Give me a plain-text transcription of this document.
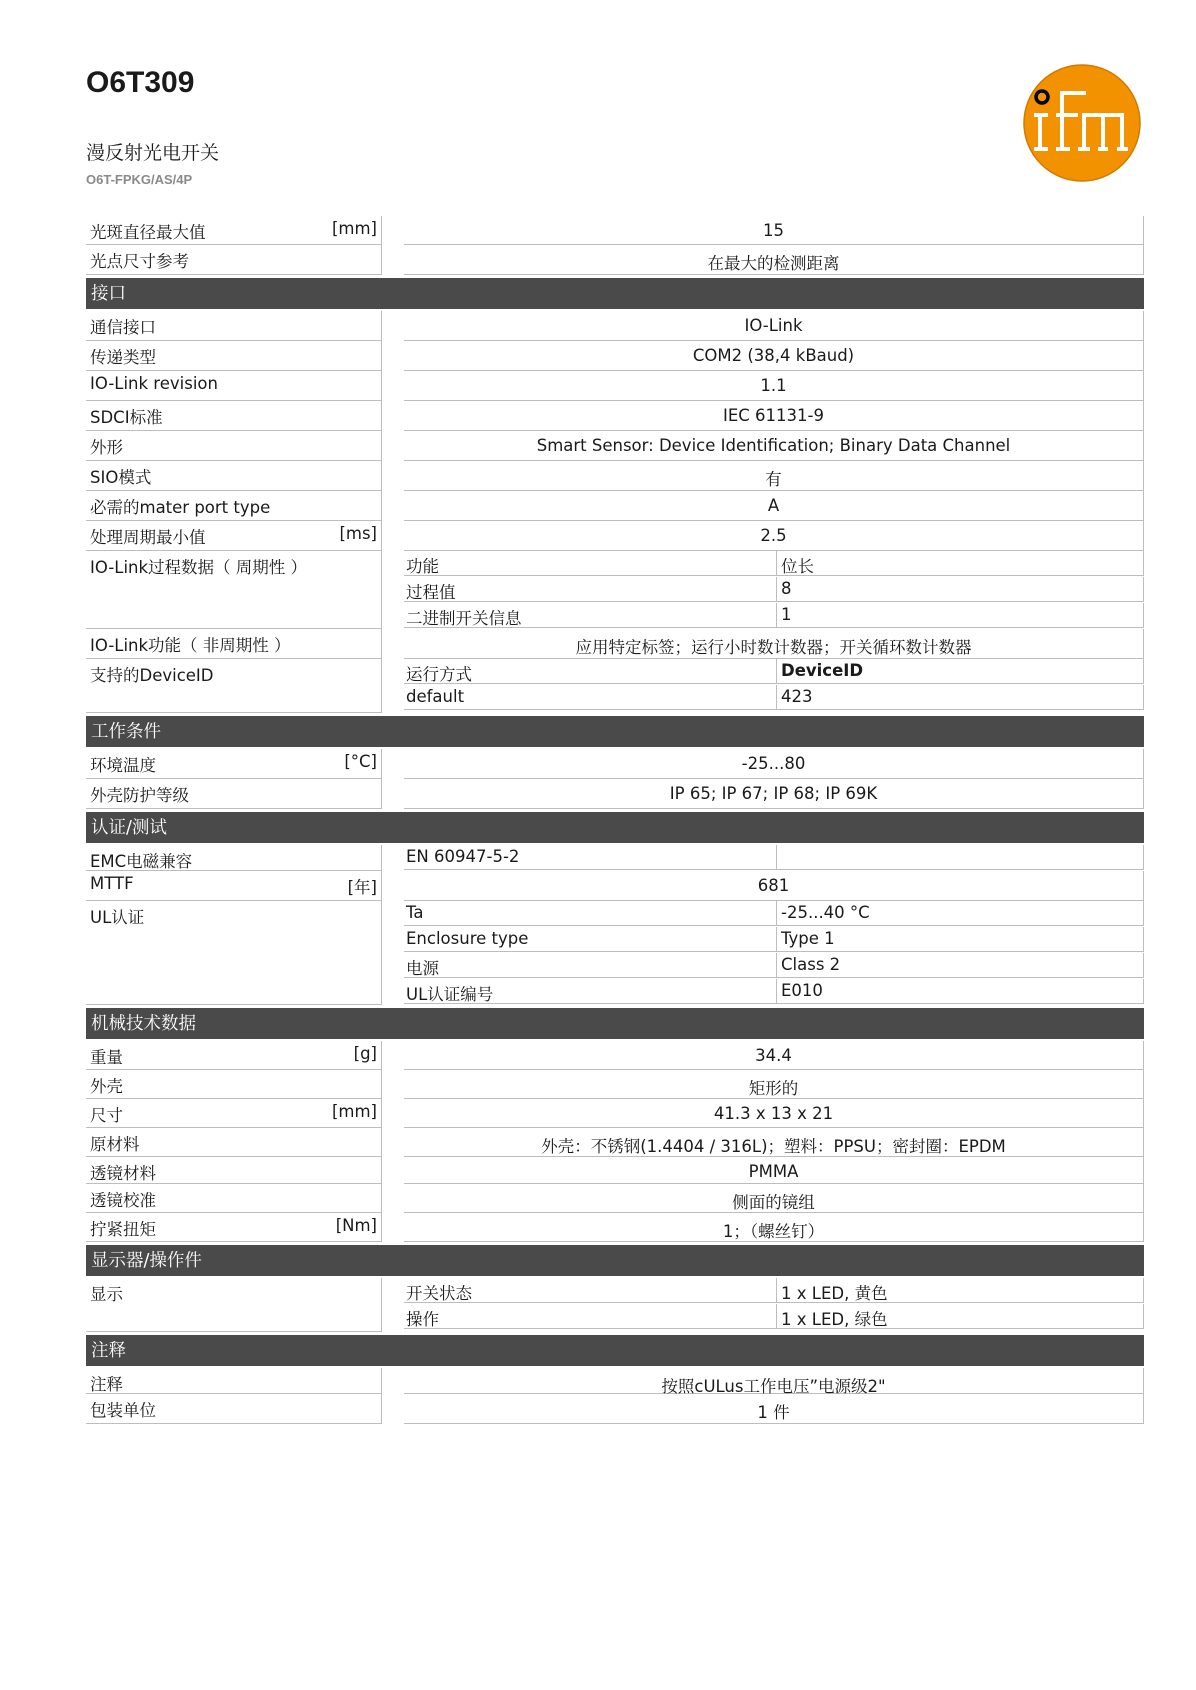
O6T309
漫反射光电开关
O6T-FPKG/AS/4P
光斑直径最大值	[mm]	15
光点尺寸参考	在最大的检测距离
接口
通信接口	IO-Link
传递类型	COM2 (38,4 kBaud)
IO-Link revision	1.1
SDCI标准	IEC 61131-9
外形	Smart Sensor: Device Identification; Binary Data Channel
SIO模式	有
必需的mater port type	A
处理周期最小值	[ms]	2.5
IO-Link过程数据（ 周期性 ）	功能	位长
过程值	8
二进制开关信息	1
IO-Link功能（ 非周期性 ）	应用特定标签；运行小时数计数器；开关循环数计数器
支持的DeviceID	运行方式	DeviceID
default	423
工作条件
环境温度	[°C]	-25...80
外壳防护等级	IP 65; IP 67; IP 68; IP 69K
认证/测试
EMC电磁兼容	EN 60947-5-2
MTTF	[年]	681
UL认证	Ta	-25...40 °C
Enclosure type	Type 1
电源	Class 2
UL认证编号	E010
机械技术数据
重量	[g]	34.4
外壳	矩形的
尺寸	[mm]	41.3 x 13 x 21
原材料	外壳：不锈钢(1.4404 / 316L)；塑料：PPSU；密封圈：EPDM
透镜材料	PMMA
透镜校准	侧面的镜组
拧紧扭矩	[Nm]	1；（螺丝钉）
显示器/操作件
显示	开关状态	1 x LED, 黄色
操作	1 x LED, 绿色
注释
注释	按照cULus工作电压”电源级2"
包装单位	1 件
